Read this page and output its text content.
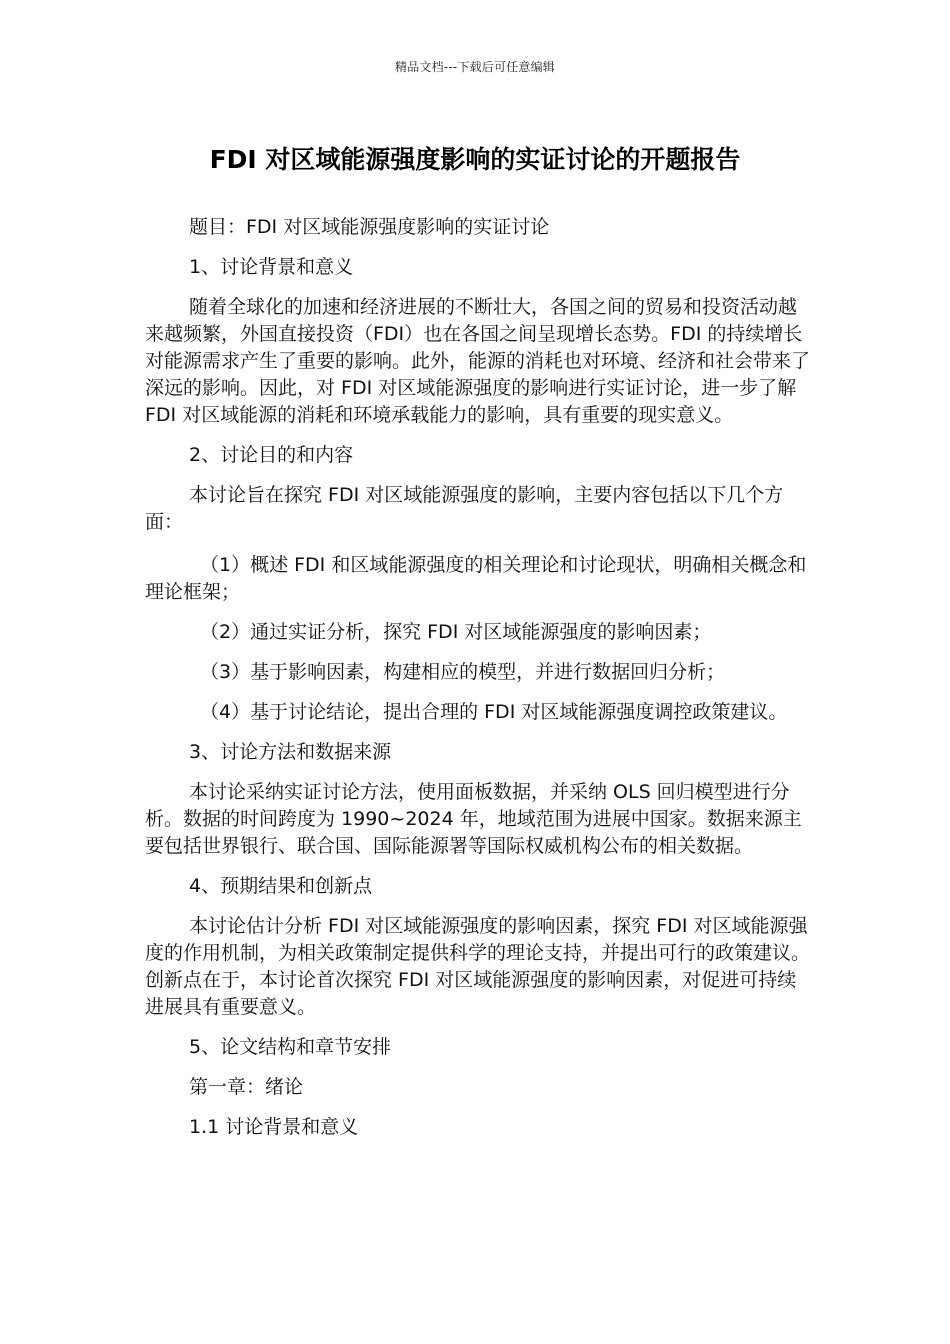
精品文档---下载后可任意编辑
FDI 对区域能源强度影响的实证讨论的开题报告

题目：FDI 对区域能源强度影响的实证讨论

1、讨论背景和意义

随着全球化的加速和经济进展的不断壮大，各国之间的贸易和投资活动越来越频繁，外国直接投资（FDI）也在各国之间呈现增长态势。FDI 的持续增长对能源需求产生了重要的影响。此外，能源的消耗也对环境、经济和社会带来了深远的影响。因此，对 FDI 对区域能源强度的影响进行实证讨论，进一步了解 FDI 对区域能源的消耗和环境承载能力的影响，具有重要的现实意义。

2、讨论目的和内容

本讨论旨在探究 FDI 对区域能源强度的影响，主要内容包括以下几个方面：

（1）概述 FDI 和区域能源强度的相关理论和讨论现状，明确相关概念和理论框架；

（2）通过实证分析，探究 FDI 对区域能源强度的影响因素；

（3）基于影响因素，构建相应的模型，并进行数据回归分析；

（4）基于讨论结论，提出合理的 FDI 对区域能源强度调控政策建议。

3、讨论方法和数据来源

本讨论采纳实证讨论方法，使用面板数据，并采纳 OLS 回归模型进行分析。数据的时间跨度为 1990~2024 年，地域范围为进展中国家。数据来源主要包括世界银行、联合国、国际能源署等国际权威机构公布的相关数据。

4、预期结果和创新点

本讨论估计分析 FDI 对区域能源强度的影响因素，探究 FDI 对区域能源强度的作用机制，为相关政策制定提供科学的理论支持，并提出可行的政策建议。创新点在于，本讨论首次探究 FDI 对区域能源强度的影响因素，对促进可持续进展具有重要意义。

5、论文结构和章节安排

第一章：绪论

1.1 讨论背景和意义
